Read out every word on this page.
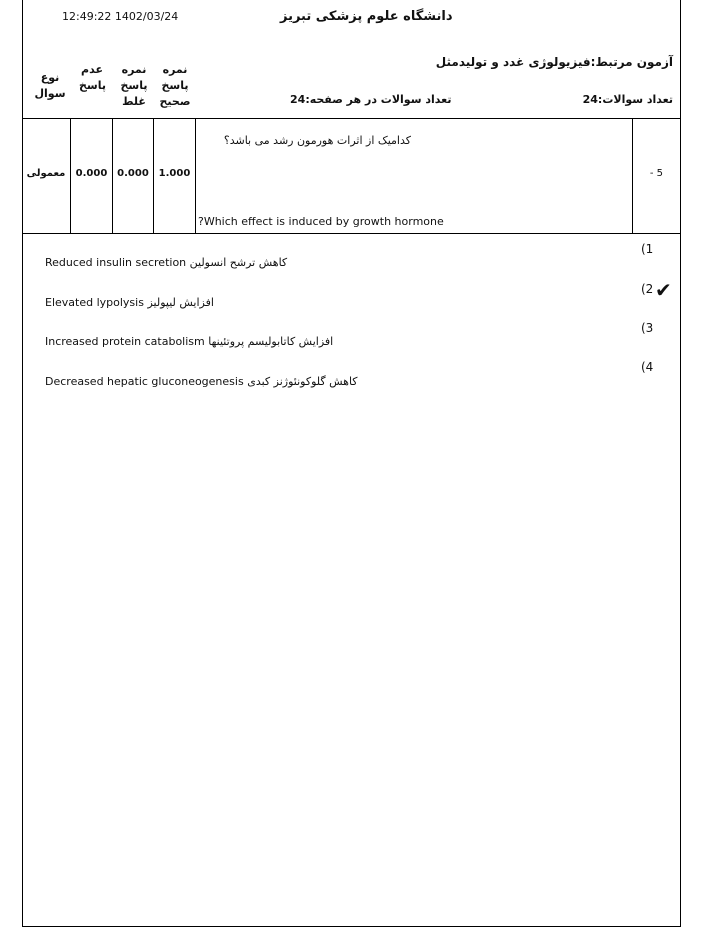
12:49:22 1402/03/24	دانشگاه علوم پزشکی تبریز
آزمون مرتبط:فیزیولوژی غدد و تولیدمثل
تعداد سوالات:24
تعداد سوالات در هر صفحه:24
نوع سوال
عدم پاسخ
نمره پاسخ غلط
نمره پاسخ صحیح
معمولی	0.000 0.000 1.000
کدامیک از اثرات هورمون رشد می باشد؟
?Which effect is induced by growth hormone
- 5
(1
Reduced insulin secretion کاهش ترشح انسولین
(2 ✔
Elevated lypolysis افزایش لیپولیز
(3
Increased protein catabolism افزایش کاتابولیسم پروتئینها
(4
Decreased hepatic gluconeogenesis کاهش گلوکونئوژنز کبدی
